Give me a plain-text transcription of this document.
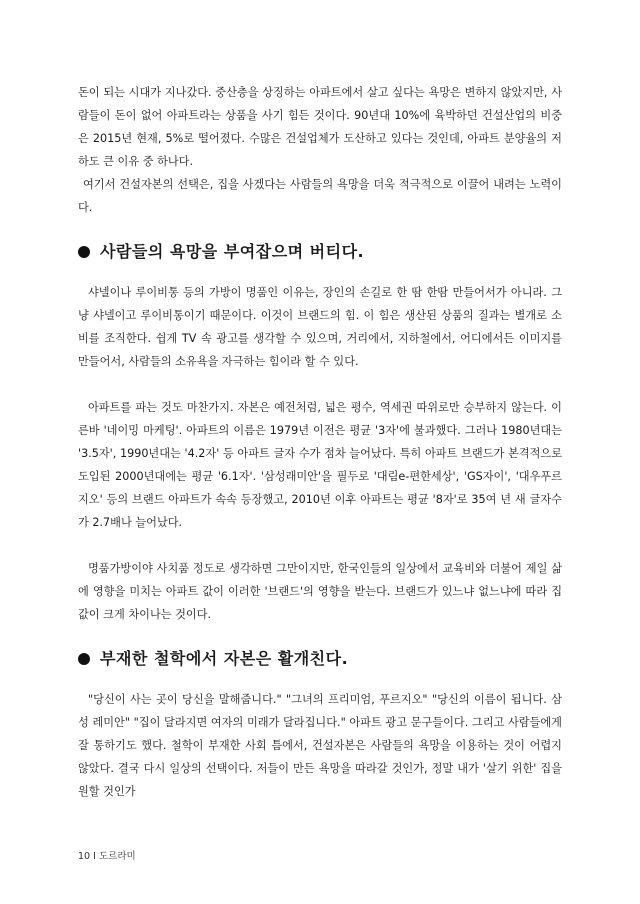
돈이 되는 시대가 지나갔다. 중산층을 상징하는 아파트에서 살고 싶다는 욕망은 변하지 않았지만, 사람들이 돈이 없어 아파트라는 상품을 사기 힘든 것이다. 90년대 10%에 육박하던 건설산업의 비중은 2015년 현재, 5%로 떨어졌다. 수많은 건설업체가 도산하고 있다는 것인데, 아파트 분양율의 저하도 큰 이유 중 하나다.

여기서 건설자본의 선택은, 집을 사겠다는 사람들의 욕망을 더욱 적극적으로 이끌어 내려는 노력이다.

사람들의 욕망을 부여잡으며 버티다.

샤넬이나 루이비통 등의 가방이 명품인 이유는, 장인의 손길로 한 땀 한땀 만들어서가 아니라. 그냥 샤넬이고 루이비통이기 때문이다. 이것이 브랜드의 힘. 이 힘은 생산된 상품의 질과는 별개로 소비를 조직한다. 쉽게 TV 속 광고를 생각할 수 있으며, 거리에서, 지하철에서, 어디에서든 이미지를 만들어서, 사람들의 소유욕을 자극하는 힘이라 할 수 있다.

아파트를 파는 것도 마찬가지. 자본은 예전처럼, 넓은 평수, 역세권 따위로만 승부하지 않는다. 이른바 '네이밍 마케팅'. 아파트의 이름은 1979년 이전은 평균 '3자'에 불과했다. 그러나 1980년대는 '3.5자', 1990년대는 '4.2자' 등 아파트 글자 수가 점차 늘어났다. 특히 아파트 브랜드가 본격적으로 도입된 2000년대에는 평균 '6.1자'. '삼성래미안'을 필두로 '대림e-편한세상', 'GS자이', '대우푸르지오' 등의 브랜드 아파트가 속속 등장했고, 2010년 이후 아파트는 평균 '8자'로 35여 년 새 글자수가 2.7배나 늘어났다.

명품가방이야 사치품 정도로 생각하면 그만이지만, 한국인들의 일상에서 교육비와 더불어 제일 삶에 영향을 미치는 아파트 값이 이러한 '브랜드'의 영향을 받는다. 브랜드가 있느냐 없느냐에 따라 집값이 크게 차이나는 것이다.

부재한 철학에서 자본은 활개친다.

"당신이 사는 곳이 당신을 말해줍니다." "그녀의 프리미엄, 푸르지오" "당신의 이름이 됩니다. 삼성 레미안" "집이 달라지면 여자의 미래가 달라집니다." 아파트 광고 문구들이다. 그리고 사람들에게 잘 통하기도 했다. 철학이 부재한 사회 틈에서, 건설자본은 사람들의 욕망을 이용하는 것이 어렵지 않았다. 결국 다시 일상의 선택이다. 저들이 만든 욕망을 따라갈 것인가, 정말 내가 '살기 위한' 집을 원할 것인가

10 I 도르라미
